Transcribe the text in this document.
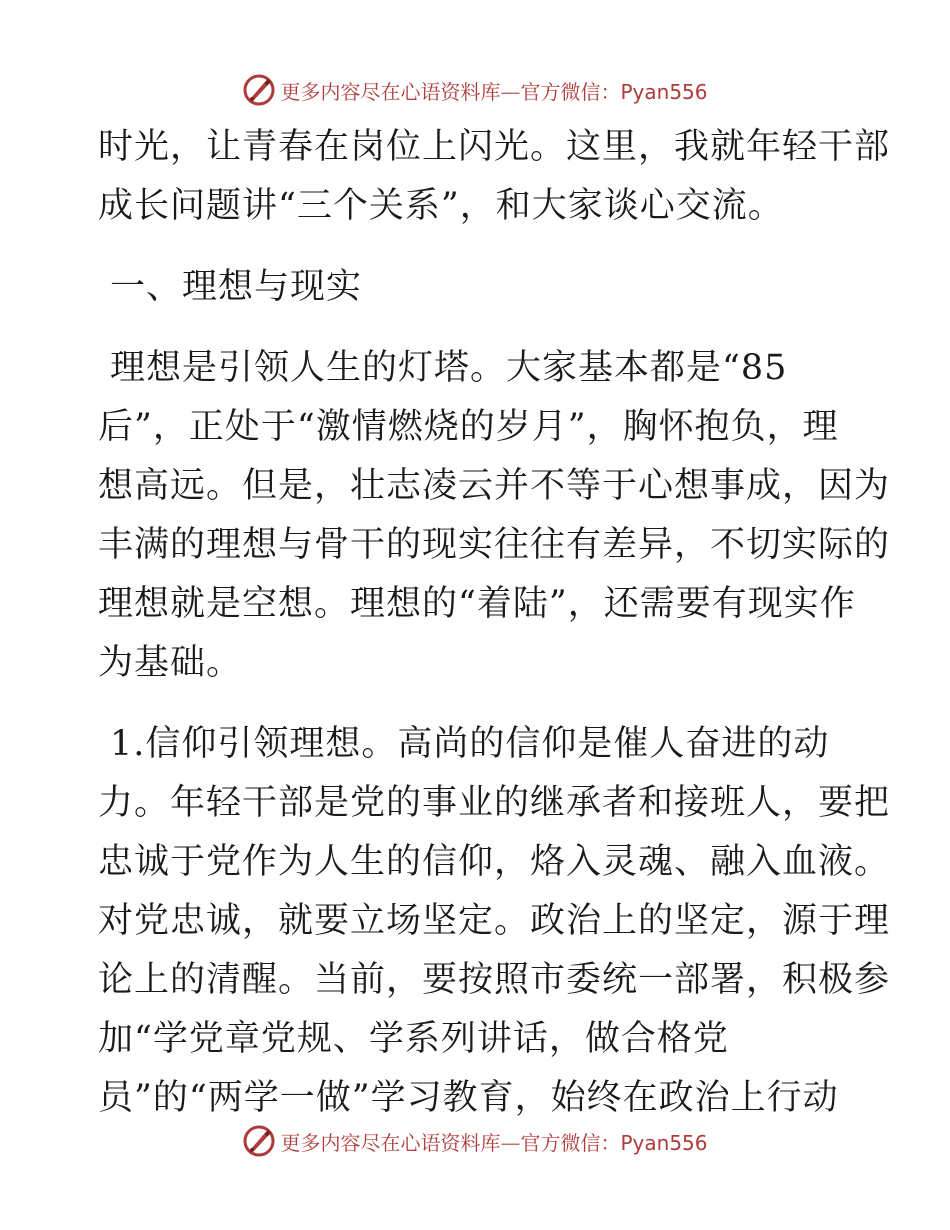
更多内容尽在心语资料库—官方微信：Pyan556
时光，让青春在岗位上闪光。这里，我就年轻干部
成长问题讲“三个关系”，和大家谈心交流。
一、理想与现实
理想是引领人生的灯塔。大家基本都是“85
后”，正处于“激情燃烧的岁月”，胸怀抱负，理
想高远。但是，壮志凌云并不等于心想事成，因为
丰满的理想与骨干的现实往往有差异，不切实际的
理想就是空想。理想的“着陆”，还需要有现实作
为基础。
1.信仰引领理想。高尚的信仰是催人奋进的动
力。年轻干部是党的事业的继承者和接班人，要把
忠诚于党作为人生的信仰，烙入灵魂、融入血液。
对党忠诚，就要立场坚定。政治上的坚定，源于理
论上的清醒。当前，要按照市委统一部署，积极参
加“学党章党规、学系列讲话，做合格党
员”的“两学一做”学习教育，始终在政治上行动
更多内容尽在心语资料库—官方微信：Pyan556
